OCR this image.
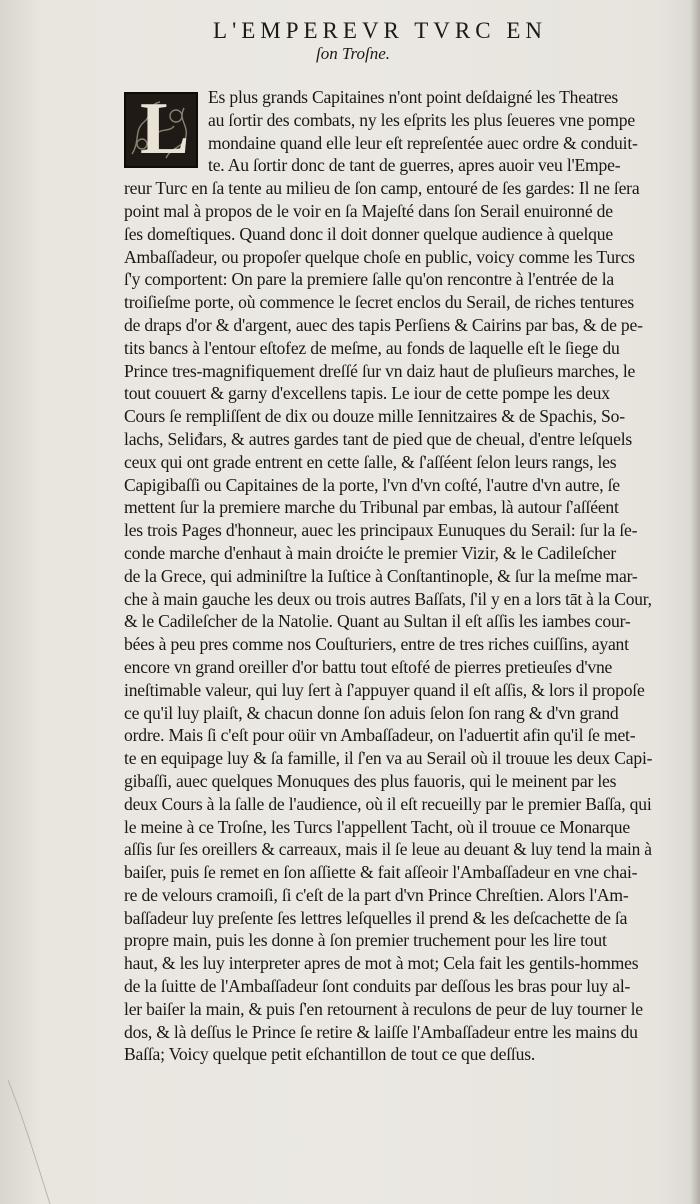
L'EMPEREVR TVRC EN
ſon Troſne.
L	Es plus grands Capitaines n'ont point deſdaigné les Theatres
au ſortir des combats, ny les eſprits les plus ſeueres vne pompe
mondaine quand elle leur eſt repreſentée auec ordre & conduit-
te. Au ſortir donc de tant de guerres, apres auoir veu l'Empe-
reur Turc en ſa tente au milieu de ſon camp, entouré de ſes gardes: Il ne ſera
point mal à propos de le voir en ſa Majeſté dans ſon Serail enuironné de
ſes domeſtiques. Quand donc il doit donner quelque audience à quelque
Ambaſſadeur, ou propoſer quelque choſe en public, voicy comme les Turcs
ſ'y comportent: On pare la premiere ſalle qu'on rencontre à l'entrée de la
troiſieſme porte, où commence le ſecret enclos du Serail, de riches tentures
de draps d'or & d'argent, auec des tapis Perſiens & Cairins par bas, & de pe-
tits bancs à l'entour eſtofez de meſme, au fonds de laquelle eſt le ſiege du
Prince tres-magnifiquement dreſſé ſur vn daiz haut de pluſieurs marches, le
tout couuert & garny d'excellens tapis. Le iour de cette pompe les deux
Cours ſe rempliſſent de dix ou douze mille Iennitzaires & de Spachis, So-
lachs, Seliđars, & autres gardes tant de pied que de cheual, d'entre leſquels
ceux qui ont grade entrent en cette ſalle, & ſ'aſſéent ſelon leurs rangs, les
Capigibaſſi ou Capitaines de la porte, l'vn d'vn coſté, l'autre d'vn autre, ſe
mettent ſur la premiere marche du Tribunal par embas, là autour ſ'aſſéent
les trois Pages d'honneur, auec les principaux Eunuques du Serail: ſur la ſe-
conde marche d'enhaut à main droićte le premier Vizir, & le Cadileſcher
de la Grece, qui adminiſtre la Iuſtice à Conſtantinople, & ſur la meſme mar-
che à main gauche les deux ou trois autres Baſſats, ſ'il y en a lors tāt à la Cour,
& le Cadileſcher de la Natolie. Quant au Sultan il eſt aſſis les iambes cour-
bées à peu pres comme nos Couſturiers, entre de tres riches cuiſſins, ayant
encore vn grand oreiller d'or battu tout eſtofé de pierres pretieuſes d'vne
ineſtimable valeur, qui luy ſert à ſ'appuyer quand il eſt aſſis, & lors il propoſe
ce qu'il luy plaiſt, & chacun donne ſon aduis ſelon ſon rang & d'vn grand
ordre. Mais ſi c'eſt pour oüir vn Ambaſſadeur, on l'aduertit afin qu'il ſe met-
te en equipage luy & ſa famille, il ſ'en va au Serail où il trouue les deux Capi-
gibaſſi, auec quelques Monuques des plus fauoris, qui le meinent par les
deux Cours à la ſalle de l'audience, où il eſt recueilly par le premier Baſſa, qui
le meine à ce Troſne, les Turcs l'appellent Tacht, où il trouue ce Monarque
aſſis ſur ſes oreillers & carreaux, mais il ſe leue au deuant & luy tend la main à
baiſer, puis ſe remet en ſon aſſiette & fait aſſeoir l'Ambaſſadeur en vne chai-
re de velours cramoiſi, ſi c'eſt de la part d'vn Prince Chreſtien. Alors l'Am-
baſſadeur luy preſente ſes lettres leſquelles il prend & les deſcachette de ſa
propre main, puis les donne à ſon premier truchement pour les lire tout
haut, & les luy interpreter apres de mot à mot; Cela fait les gentils-hommes
de la ſuitte de l'Ambaſſadeur ſont conduits par deſſous les bras pour luy al-
ler baiſer la main, & puis ſ'en retournent à reculons de peur de luy tourner le
dos, & là deſſus le Prince ſe retire & laiſſe l'Ambaſſadeur entre les mains du
Baſſa; Voicy quelque petit eſchantillon de tout ce que deſſus.
